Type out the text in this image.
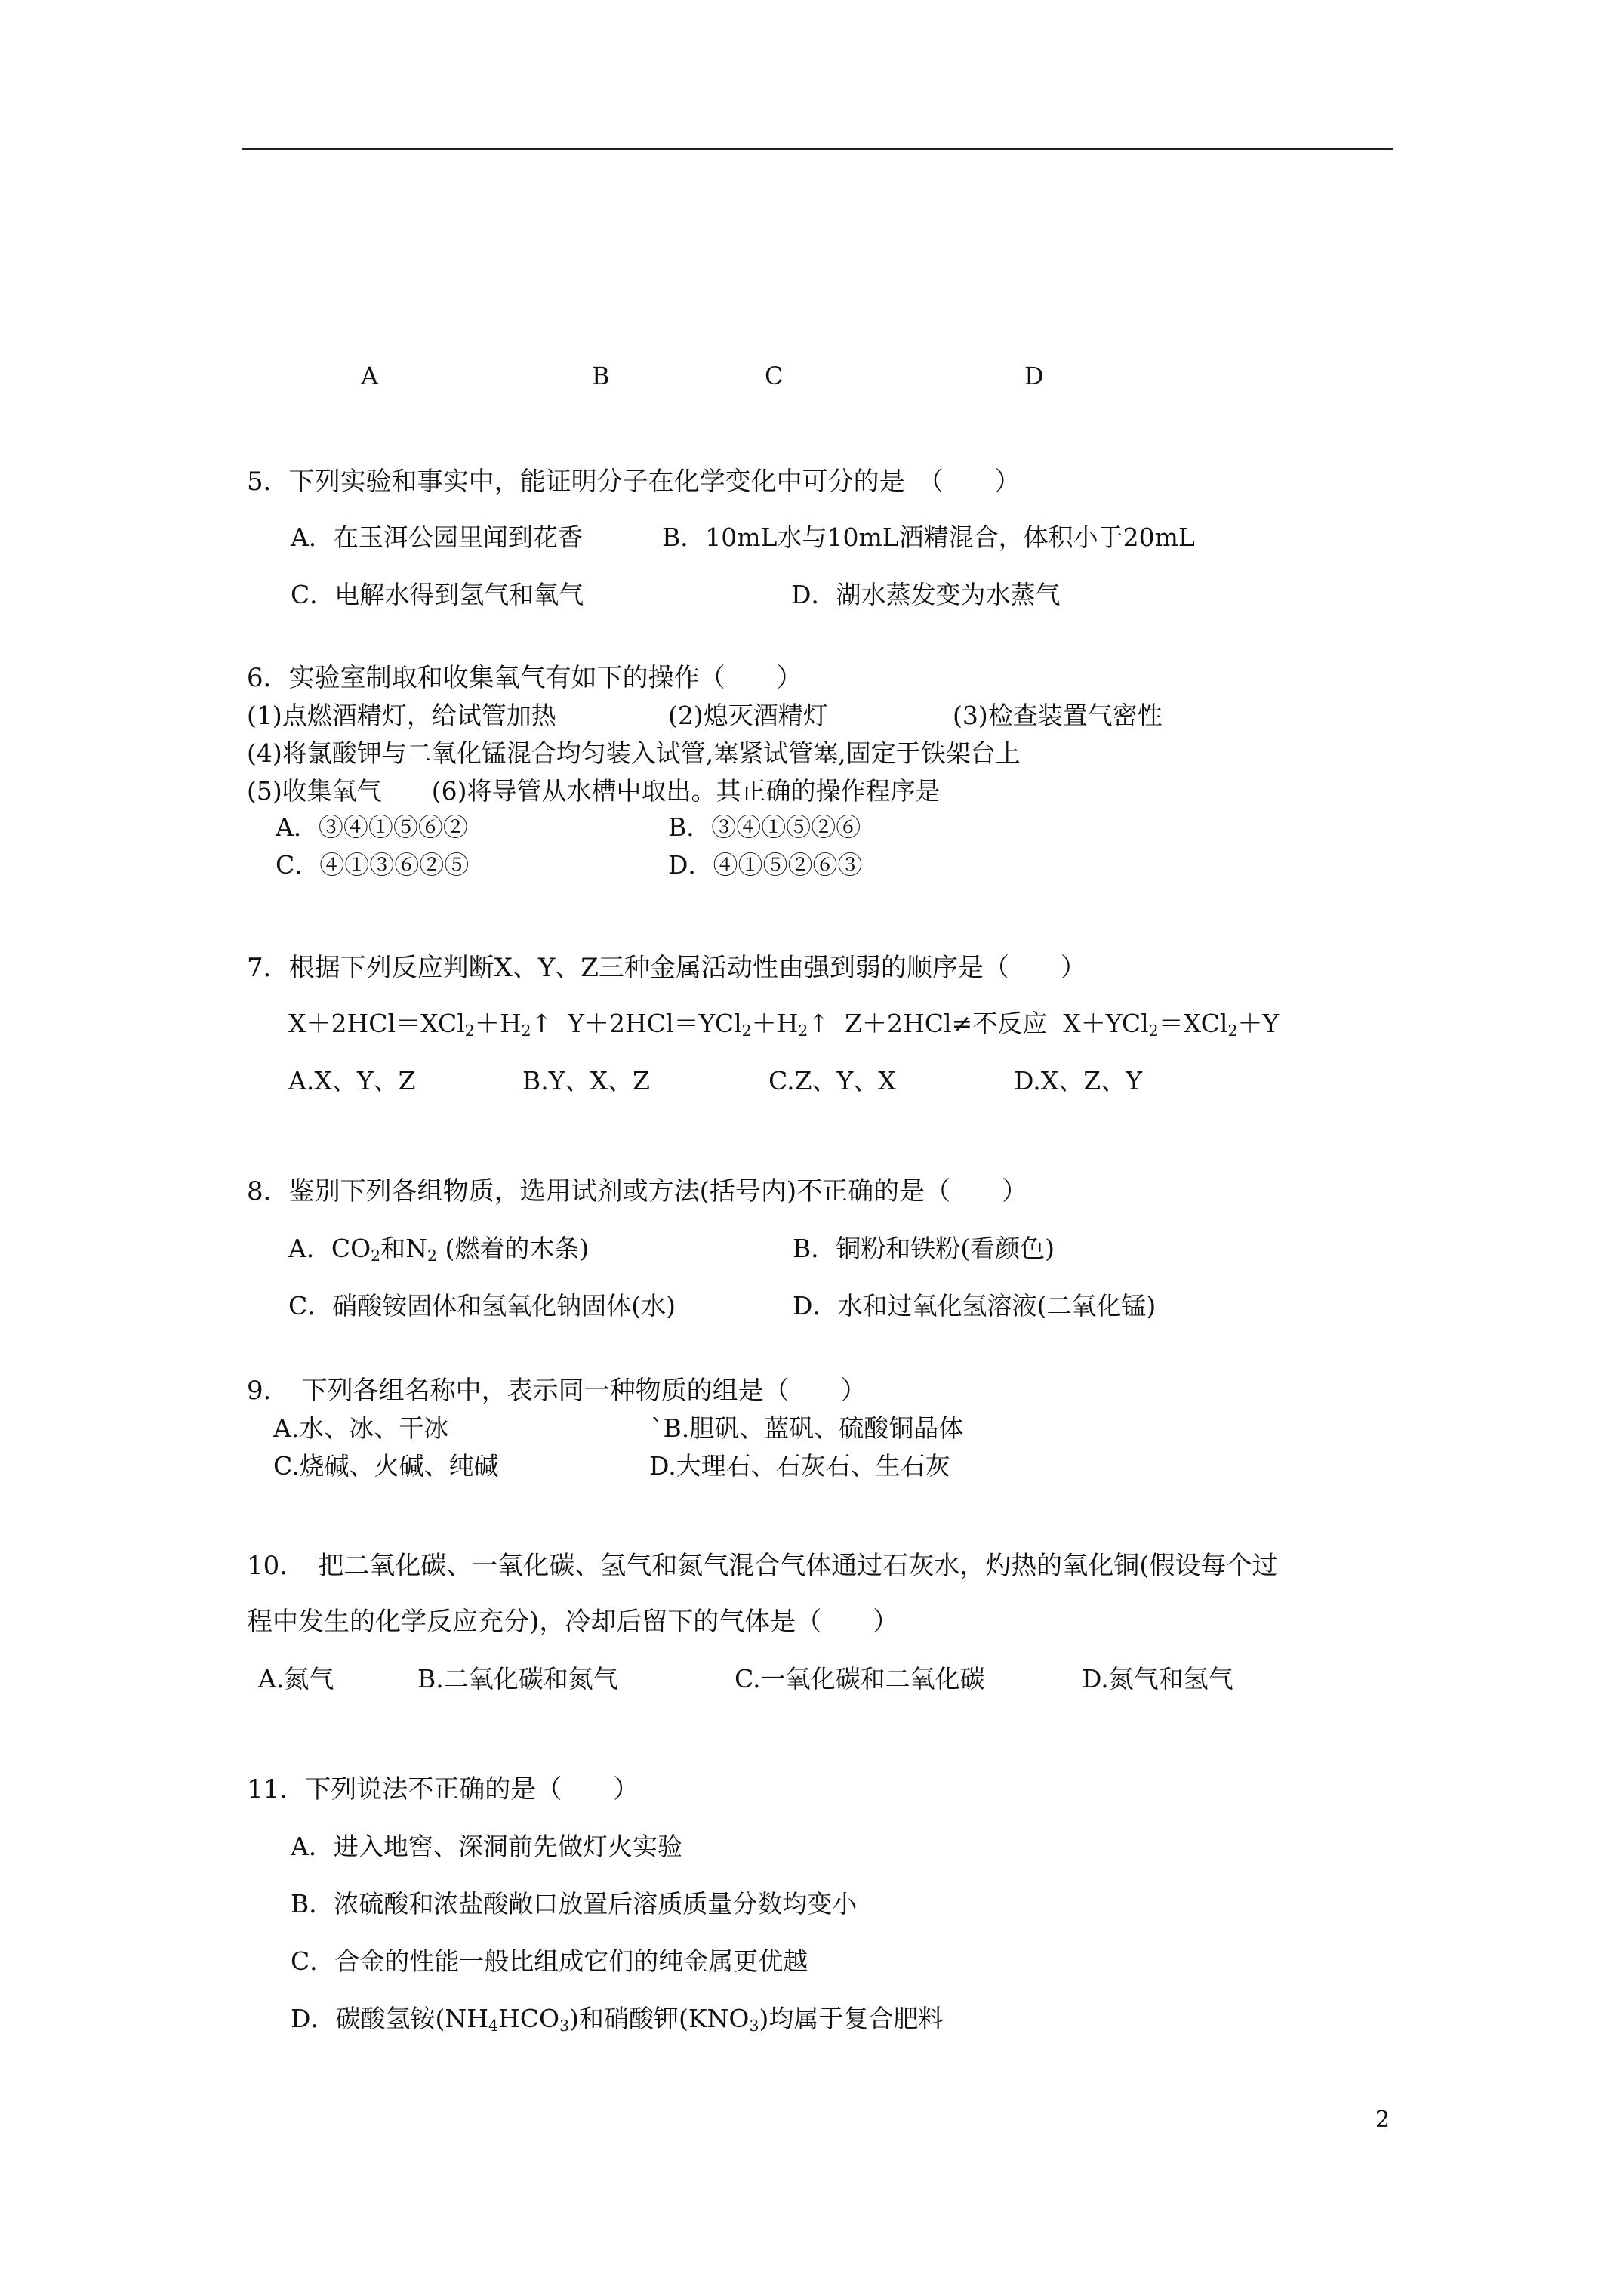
A	B	C	D
5．下列实验和事实中，能证明分子在化学变化中可分的是　（　　）
A．在玉洱公园里闻到花香	B．10mL水与10mL酒精混合，体积小于20mL
C．电解水得到氢气和氧气	D．湖水蒸发变为水蒸气
6．实验室制取和收集氧气有如下的操作（　　）
(1)点燃酒精灯，给试管加热	(2)熄灭酒精灯	(3)检查装置气密性
(4)将氯酸钾与二氧化锰混合均匀装入试管,塞紧试管塞,固定于铁架台上
(5)收集氧气　　(6)将导管从水槽中取出。其正确的操作程序是
A．③④①⑤⑥②	B．③④①⑤②⑥
C．④①③⑥②⑤	D．④①⑤②⑥③
7．根据下列反应判断X、Y、Z三种金属活动性由强到弱的顺序是（　　）
$X+2HCl=XCl_2+H_2↑$ $Y+2HCl=YCl_2+H_2↑$ Z＋2HCl≠不反应 X＋YCl$_2$＝XCl$_2$＋Y
A.X、Y、Z	B.Y、X、Z	C.Z、Y、X	D.X、Z、Y
8．鉴别下列各组物质，选用试剂或方法(括号内)不正确的是（　　）
A．$CO_2$和$N_2$ (燃着的木条)	B．铜粉和铁粉(看颜色)
C．硝酸铵固体和氢氧化钠固体(水)	D．水和过氧化氢溶液(二氧化锰)
9．　下列各组名称中，表示同一种物质的组是（　　）
A.水、冰、干冰	`B.胆矾、蓝矾、硫酸铜晶体
C.烧碱、火碱、纯碱	D.大理石、石灰石、生石灰
10．　把二氧化碳、一氧化碳、氢气和氮气混合气体通过石灰水，灼热的氧化铜(假设每个过
程中发生的化学反应充分)，冷却后留下的气体是（　　）
A.氮气	B.二氧化碳和氮气	C.一氧化碳和二氧化碳	D.氮气和氢气
11．下列说法不正确的是（　　）
A．进入地窖、深洞前先做灯火实验
B．浓硫酸和浓盐酸敞口放置后溶质质量分数均变小
C．合金的性能一般比组成它们的纯金属更优越
D．碳酸氢铵$(NH_4HCO_3)$和硝酸钾$(KNO_3)$均属于复合肥料
2
